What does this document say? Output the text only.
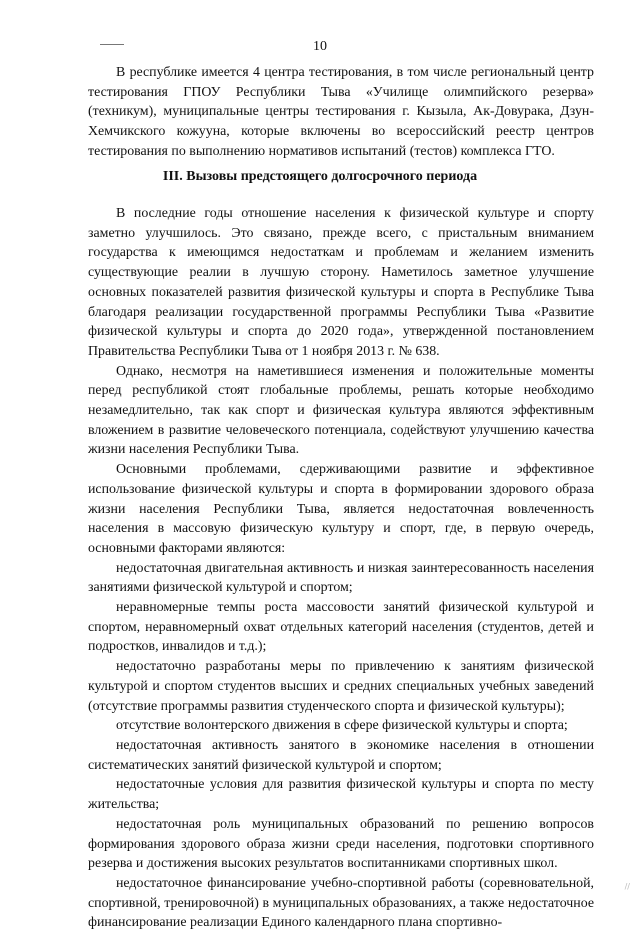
10

В республике имеется 4 центра тестирования, в том числе региональный центр тестирования ГПОУ Республики Тыва «Училище олимпийского резерва» (техникум), муниципальные центры тестирования г. Кызыла, Ак-Довурака, Дзун-Хемчикского кожууна, которые включены во всероссийский реестр центров тестирования по выполнению нормативов испытаний (тестов) комплекса ГТО.

III. Вызовы предстоящего долгосрочного периода

В последние годы отношение населения к физической культуре и спорту заметно улучшилось. Это связано, прежде всего, с пристальным вниманием государства к имеющимся недостаткам и проблемам и желанием изменить существующие реалии в лучшую сторону. Наметилось заметное улучшение основных показателей развития физической культуры и спорта в Республике Тыва благодаря реализации государственной программы Республики Тыва «Развитие физической культуры и спорта до 2020 года», утвержденной постановлением Правительства Республики Тыва от 1 ноября 2013 г. № 638.

Однако, несмотря на наметившиеся изменения и положительные моменты перед республикой стоят глобальные проблемы, решать которые необходимо незамедлительно, так как спорт и физическая культура являются эффективным вложением в развитие человеческого потенциала, содействуют улучшению качества жизни населения Республики Тыва.

Основными проблемами, сдерживающими развитие и эффективное использование физической культуры и спорта в формировании здорового образа жизни населения Республики Тыва, является недостаточная вовлеченность населения в массовую физическую культуру и спорт, где, в первую очередь, основными факторами являются:

недостаточная двигательная активность и низкая заинтересованность населения занятиями физической культурой и спортом;

неравномерные темпы роста массовости занятий физической культурой и спортом, неравномерный охват отдельных категорий населения (студентов, детей и подростков, инвалидов и т.д.);

недостаточно разработаны меры по привлечению к занятиям физической культурой и спортом студентов высших и средних специальных учебных заведений (отсутствие программы развития студенческого спорта и физической культуры);

отсутствие волонтерского движения в сфере физической культуры и спорта;

недостаточная активность занятого в экономике населения в отношении систематических занятий физической культурой и спортом;

недостаточные условия для развития физической культуры и спорта по месту жительства;

недостаточная роль муниципальных образований по решению вопросов формирования здорового образа жизни среди населения, подготовки спортивного резерва и достижения высоких результатов воспитанниками спортивных школ.

недостаточное финансирование учебно-спортивной работы (соревновательной, спортивной, тренировочной) в муниципальных образованиях, а также недостаточное финансирование реализации Единого календарного плана спортивно-

//
